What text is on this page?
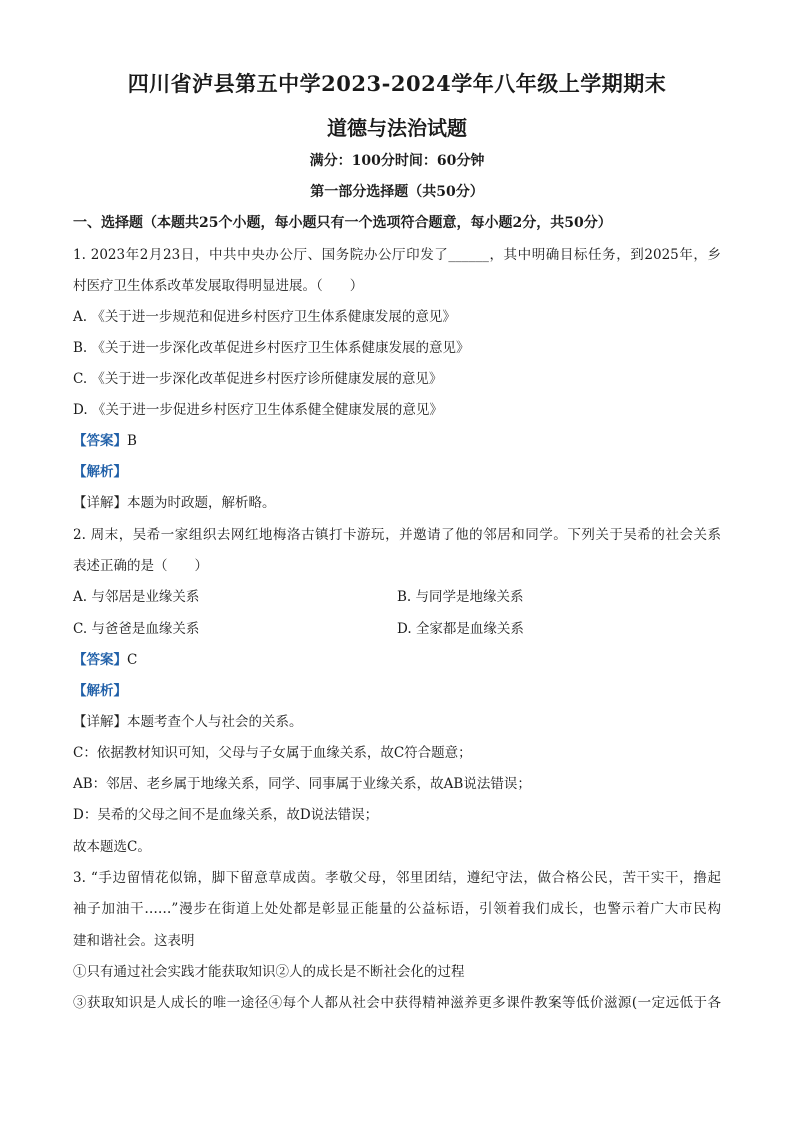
四川省泸县第五中学2023-2024学年八年级上学期期末
道德与法治试题
满分：100分时间：60分钟
第一部分选择题（共50分）
一、选择题（本题共25个小题，每小题只有一个选项符合题意，每小题2分，共50分）
1. 2023年2月23日，中共中央办公厅、国务院办公厅印发了______，其中明确目标任务，到2025年，乡
村医疗卫生体系改革发展取得明显进展。（　　）
A. 《关于进一步规范和促进乡村医疗卫生体系健康发展的意见》
B. 《关于进一步深化改革促进乡村医疗卫生体系健康发展的意见》
C. 《关于进一步深化改革促进乡村医疗诊所健康发展的意见》
D. 《关于进一步促进乡村医疗卫生体系健全健康发展的意见》
【答案】B
【解析】
【详解】本题为时政题，解析略。
2. 周末，吴希一家组织去网红地梅洛古镇打卡游玩，并邀请了他的邻居和同学。下列关于吴希的社会关系
表述正确的是（　　）
A. 与邻居是业缘关系	B. 与同学是地缘关系
C. 与爸爸是血缘关系	D. 全家都是血缘关系
【答案】C
【解析】
【详解】本题考查个人与社会的关系。
C：依据教材知识可知，父母与子女属于血缘关系，故C符合题意；
AB：邻居、老乡属于地缘关系，同学、同事属于业缘关系，故AB说法错误；
D：吴希的父母之间不是血缘关系，故D说法错误；
故本题选C。
3. “手边留情花似锦，脚下留意草成茵。孝敬父母，邻里团结，遵纪守法，做合格公民，苦干实干，撸起
袖子加油干……”漫步在街道上处处都是彰显正能量的公益标语，引领着我们成长，也警示着广大市民构
建和谐社会。这表明
①只有通过社会实践才能获取知识②人的成长是不断社会化的过程
③获取知识是人成长的唯一途径④每个人都从社会中获得精神滋养更多课件教案等低价滋源(一定远低于各
